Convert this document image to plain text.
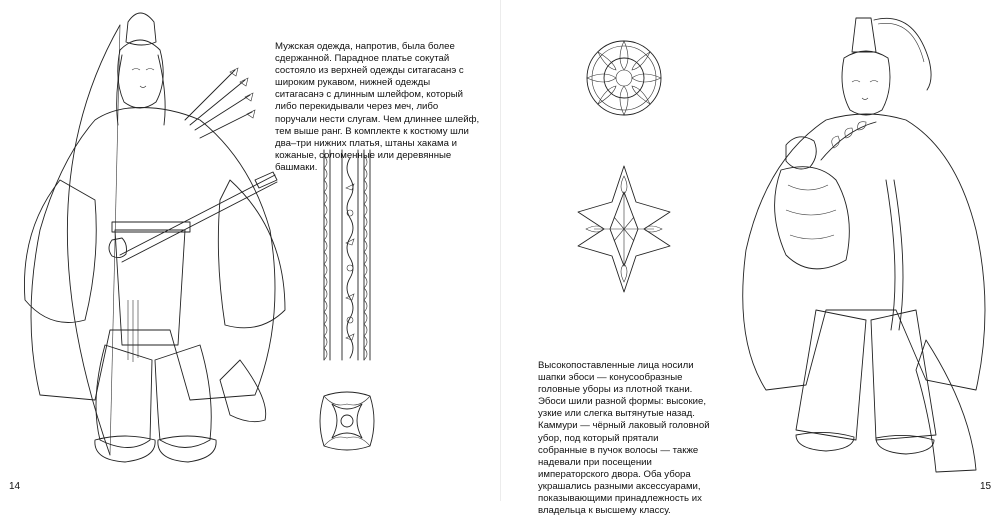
Мужская одежда, напротив, была более сдержанной. Парадное платье сокутай состояло из верхней одежды ситагасанэ с широким рукавом, нижней одежды ситагасанэ с длинным шлейфом, который либо перекидывали через меч, либо поручали нести слугам. Чем длиннее шлейф, тем выше ранг. В комплекте к костюму шли два–три нижних платья, штаны хакама и кожаные, соломенные или деревянные башмаки.

14

Высокопоставленные лица носили шапки эбоси — конусообразные головные уборы из плотной ткани. Эбоси шили разной формы: высокие, узкие или слегка вытянутые назад. Каммури — чёрный лаковый головной убор, под который прятали собранные в пучок волосы — также надевали при посещении императорского двора. Оба убора украшались разными аксессуарами, показывающими принадлежность их владельца к высшему классу.

15
